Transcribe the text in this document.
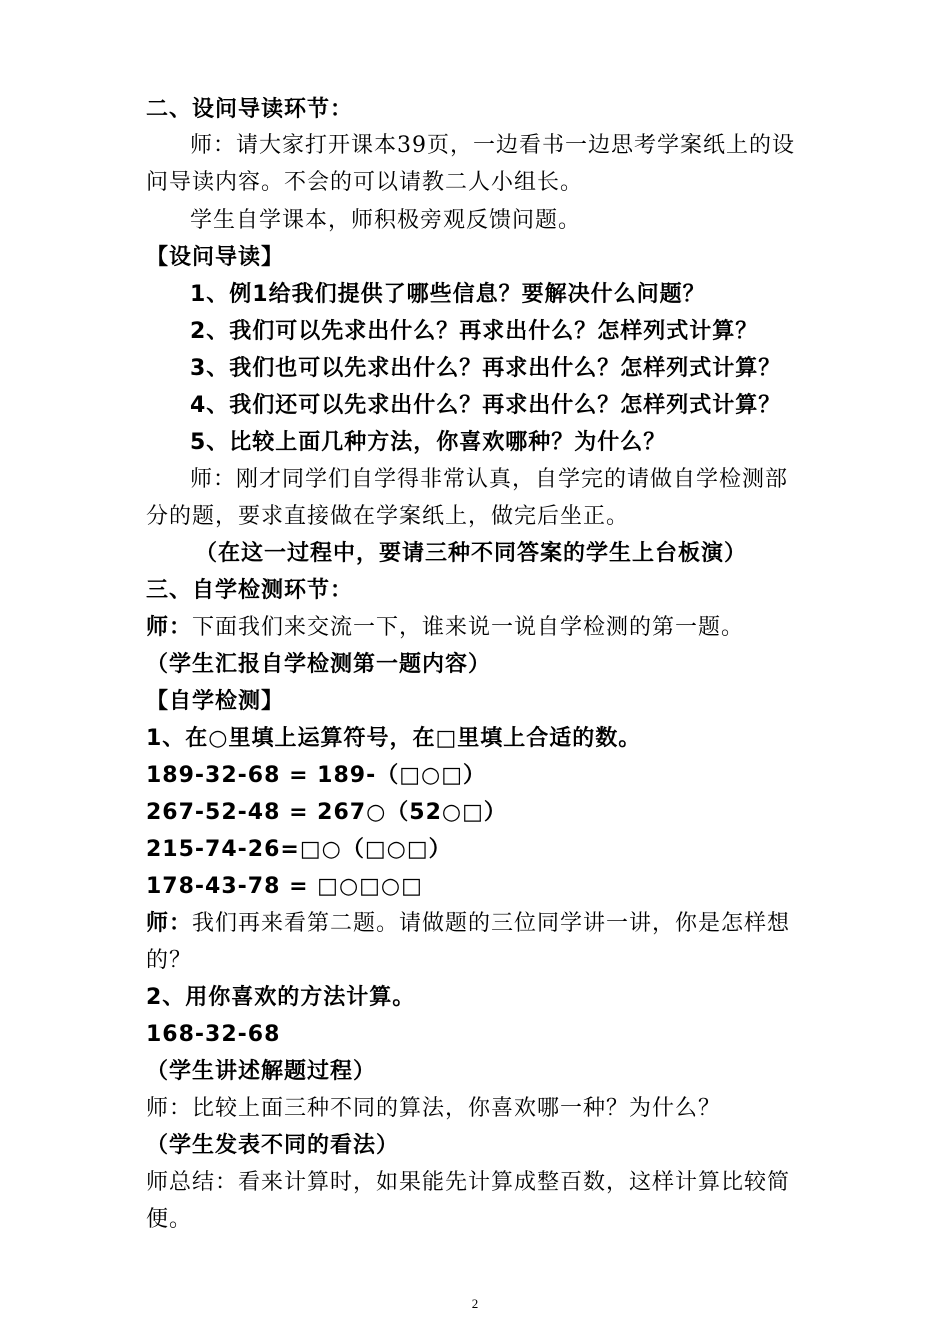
二、设问导读环节：
师：请大家打开课本39页，一边看书一边思考学案纸上的设
问导读内容。不会的可以请教二人小组长。
学生自学课本，师积极旁观反馈问题。
【设问导读】
1、例1给我们提供了哪些信息？要解决什么问题？
2、我们可以先求出什么？再求出什么？怎样列式计算？
3、我们也可以先求出什么？再求出什么？怎样列式计算？
4、我们还可以先求出什么？再求出什么？怎样列式计算？
5、比较上面几种方法，你喜欢哪种？为什么？
师：刚才同学们自学得非常认真，自学完的请做自学检测部
分的题，要求直接做在学案纸上，做完后坐正。
（在这一过程中，要请三种不同答案的学生上台板演）
三、自学检测环节：
师：下面我们来交流一下，谁来说一说自学检测的第一题。
（学生汇报自学检测第一题内容）
【自学检测】
1、在○里填上运算符号，在□里填上合适的数。
189-32-68 = 189-（□○□）
267-52-48 = 267○（52○□）
215-74-26=□○（□○□）
178-43-78 = □○□○□
师：我们再来看第二题。请做题的三位同学讲一讲，你是怎样想
的？
2、用你喜欢的方法计算。
168-32-68
（学生讲述解题过程）
师：比较上面三种不同的算法，你喜欢哪一种？为什么？
（学生发表不同的看法）
师总结：看来计算时，如果能先计算成整百数，这样计算比较简
便。
2
